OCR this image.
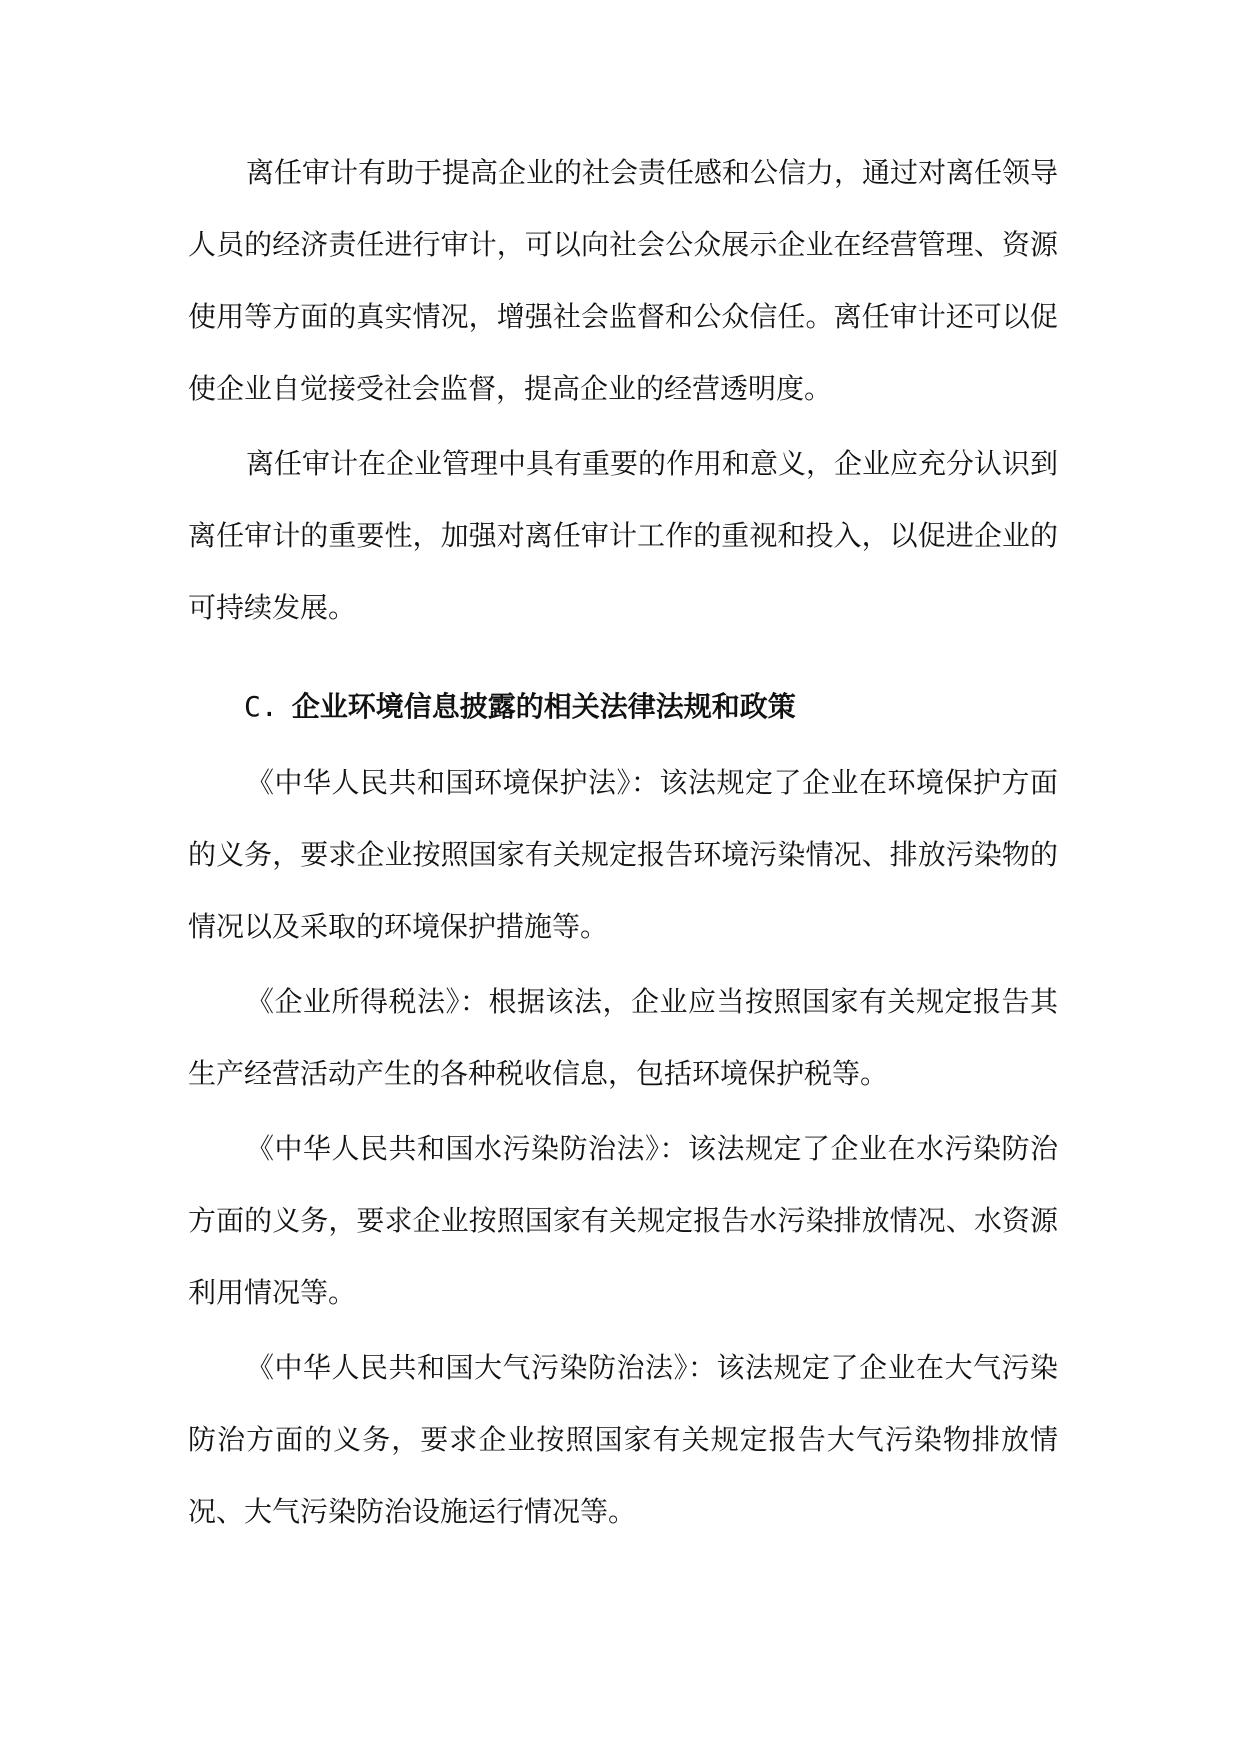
离任审计有助于提高企业的社会责任感和公信力，通过对离任领导人员的经济责任进行审计，可以向社会公众展示企业在经营管理、资源使用等方面的真实情况，增强社会监督和公众信任。离任审计还可以促使企业自觉接受社会监督，提高企业的经营透明度。

离任审计在企业管理中具有重要的作用和意义，企业应充分认识到离任审计的重要性，加强对离任审计工作的重视和投入，以促进企业的可持续发展。

C. 企业环境信息披露的相关法律法规和政策

《中华人民共和国环境保护法》：该法规定了企业在环境保护方面的义务，要求企业按照国家有关规定报告环境污染情况、排放污染物的情况以及采取的环境保护措施等。

《企业所得税法》：根据该法，企业应当按照国家有关规定报告其生产经营活动产生的各种税收信息，包括环境保护税等。

《中华人民共和国水污染防治法》：该法规定了企业在水污染防治方面的义务，要求企业按照国家有关规定报告水污染排放情况、水资源利用情况等。

《中华人民共和国大气污染防治法》：该法规定了企业在大气污染防治方面的义务，要求企业按照国家有关规定报告大气污染物排放情况、大气污染防治设施运行情况等。
